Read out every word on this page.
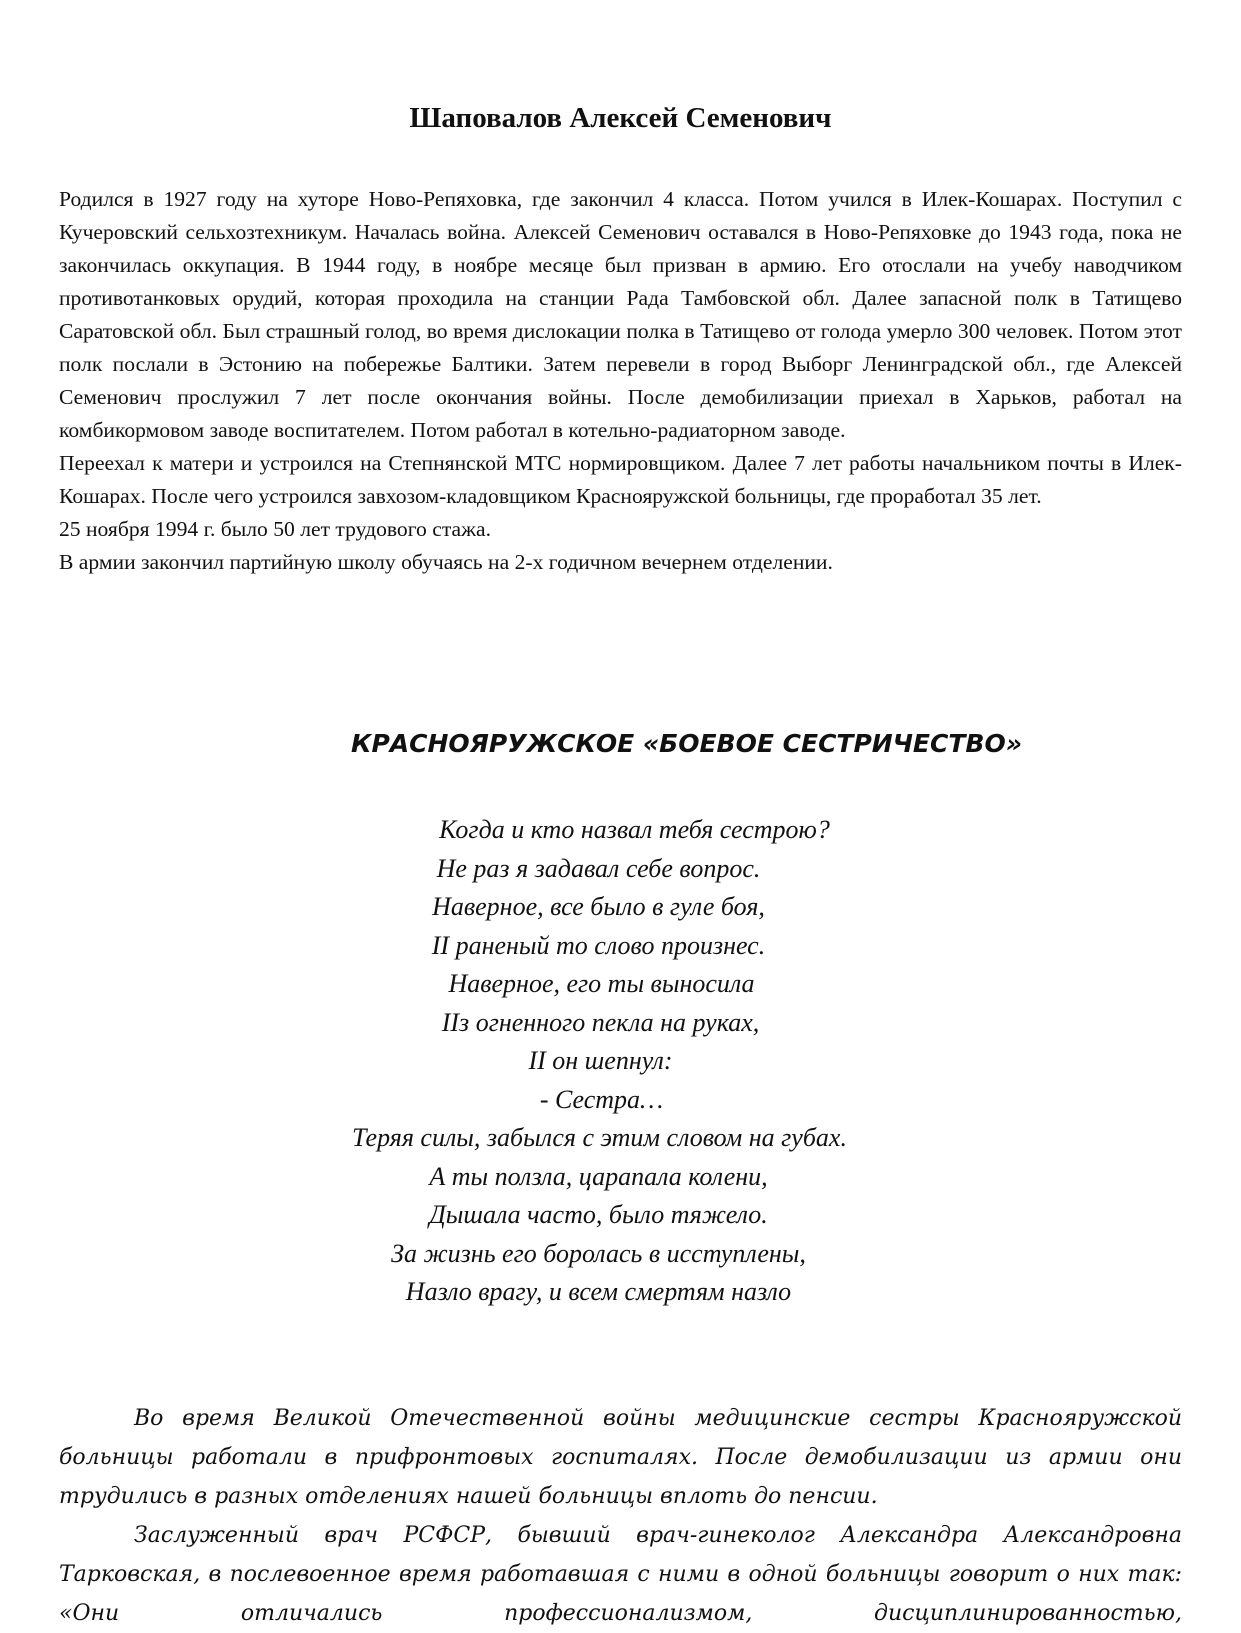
Шаповалов Алексей Семенович

Родился в 1927 году на хуторе Ново-Репяховка, где закончил 4 класса. Потом учился в Илек-Кошарах. Поступил с Кучеровский сельхозтехникум. Началась война. Алексей Семенович оставался в Ново-Репяховке до 1943 года, пока не закончилась оккупация. В 1944 году, в ноябре месяце был призван в армию. Его отослали на учебу наводчиком противотанковых орудий, которая проходила на станции Рада Тамбовской обл. Далее запасной полк в Татищево Саратовской обл. Был страшный голод, во время дислокации полка в Татищево от голода умерло 300 человек. Потом этот полк послали в Эстонию на побережье Балтики. Затем перевели в город Выборг Ленинградской обл., где Алексей Семенович прослужил 7 лет после окончания войны. После демобилизации приехал в Харьков, работал на комбикормовом заводе воспитателем. Потом работал в котельно-радиаторном заводе.

Переехал к матери и устроился на Степнянской МТС нормировщиком. Далее 7 лет работы начальником почты в Илек-Кошарах. После чего устроился завхозом-кладовщиком Краснояружской больницы, где проработал 35 лет.

25 ноября 1994 г. было 50 лет трудового стажа.

В армии закончил партийную школу обучаясь на 2-х годичном вечернем отделении.

КРАСНОЯРУЖСКОЕ «БОЕВОЕ СЕСТРИЧЕСТВО»
Когда и кто назвал тебя сестрою?
Не раз я задавал себе вопрос.
Наверное, все было в гуле боя,
II раненый то слово произнес.
Наверное, его ты выносила
IIз огненного пекла на руках,
II он шепнул:
- Сестра…
Теряя силы, забылся с этим словом на губах.
А ты ползла, царапала колени,
Дышала часто, было тяжело.
За жизнь его боролась в исступлены,
Назло врагу, и всем смертям назло

Во время Великой Отечественной войны медицинские сестры Краснояружской больницы работали в прифронтовых госпиталях. После демобилизации из армии они трудились в разных отделениях нашей больницы вплоть до пенсии.

Заслуженный врач РСФСР, бывший врач-гинеколог Александра Александровна Тарковская, в послевоенное время работавшая с ними в одной больницы говорит о них так: «Они отличались профессионализмом, дисциплинированностью,
